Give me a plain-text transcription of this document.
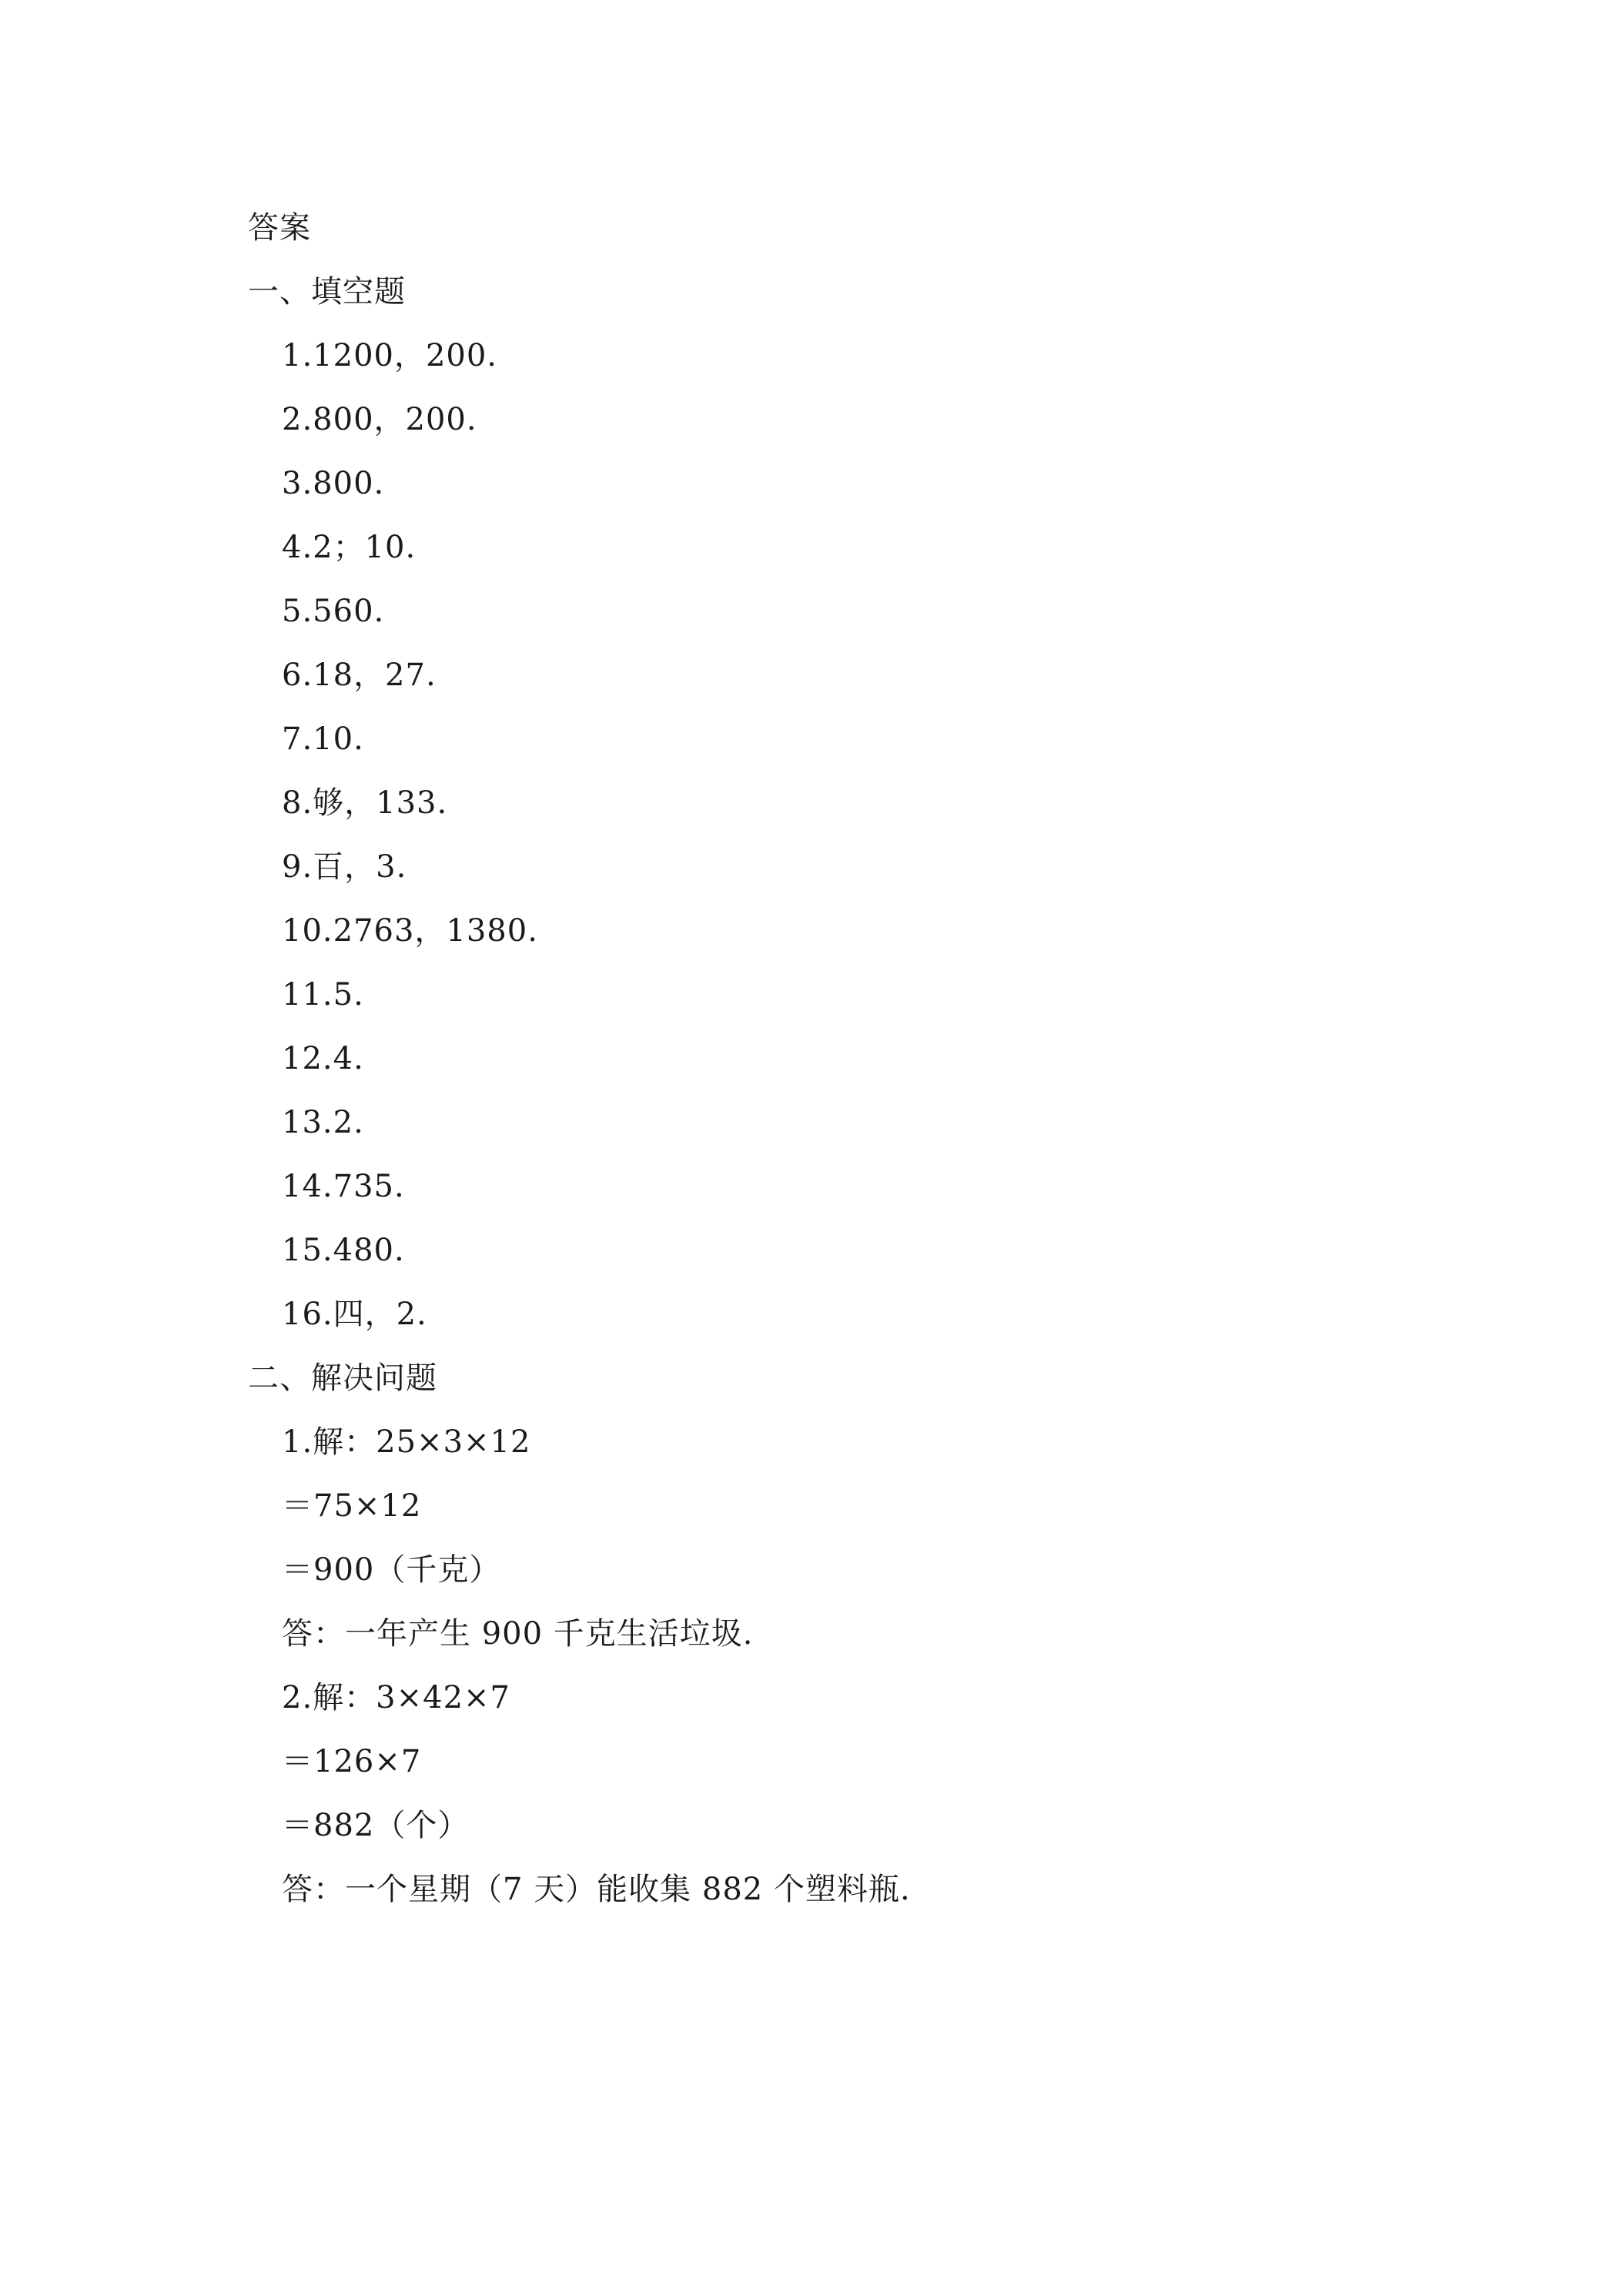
答案
一、填空题
1.1200，200.
2.800，200.
3.800.
4.2；10.
5.560.
6.18，27.
7.10.
8.够，133.
9.百，3.
10.2763，1380.
11.5.
12.4.
13.2.
14.735.
15.480.
16.四，2.
二、解决问题
1.解：25×3×12
＝75×12
＝900（千克）
答：一年产生 900 千克生活垃圾.
2.解：3×42×7
＝126×7
＝882（个）
答：一个星期（7 天）能收集 882 个塑料瓶.
